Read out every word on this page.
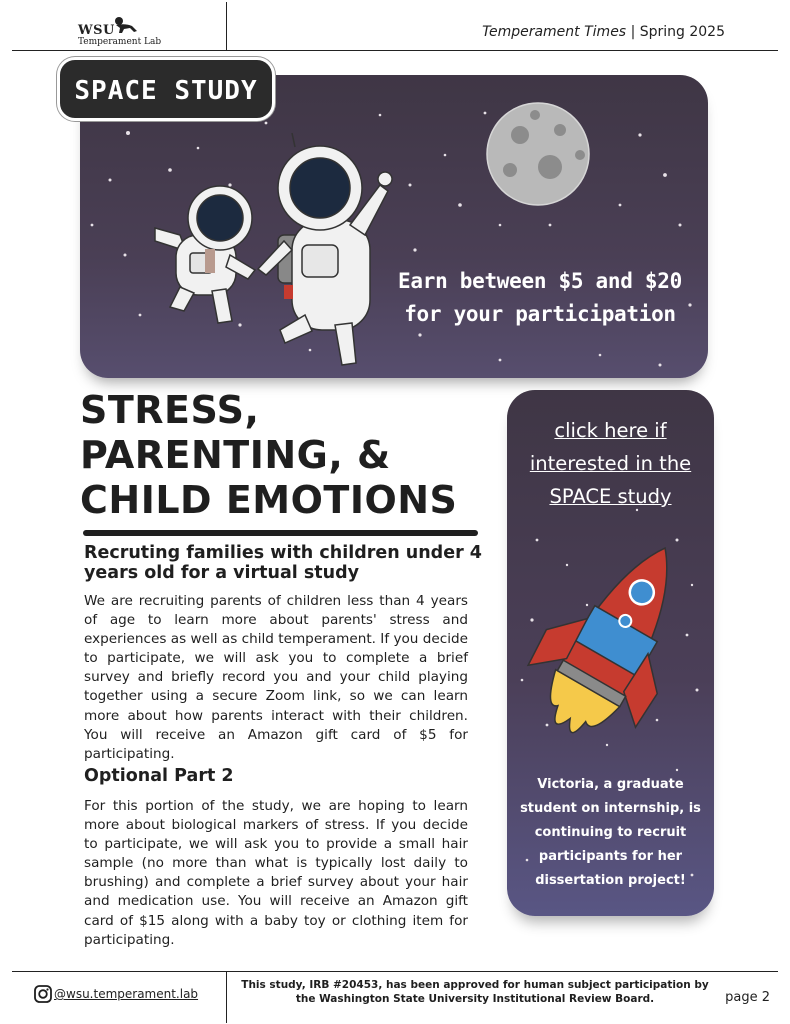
WSU
Temperament Lab
Temperament Times | Spring 2025
Earn between $5 and $20
for your participation
SPACE STUDY
STRESS,
PARENTING, &
CHILD EMOTIONS
Recruting families with children under 4 years old for a virtual study
We are recruiting parents of children less than 4 years of age to learn more about parents' stress and experiences as well as child temperament. If you decide to participate, we will ask you to complete a brief survey and briefly record you and your child playing together using a secure Zoom link, so we can learn more about how parents interact with their children. You will receive an Amazon gift card of $5 for participating.
Optional Part 2
For this portion of the study, we are hoping to learn more about biological markers of stress. If you decide to participate, we will ask you to provide a small hair sample (no more than what is typically lost daily to brushing) and complete a brief survey about your hair and medication use. You will receive an Amazon gift card of $15 along with a baby toy or clothing item for participating.
click here if
interested in the
SPACE study
Victoria, a graduate student on internship, is continuing to recruit participants for her dissertation project!
@wsu.temperament.lab
This study, IRB #20453, has been approved for human subject participation by
the Washington State University Institutional Review Board.	page 2
